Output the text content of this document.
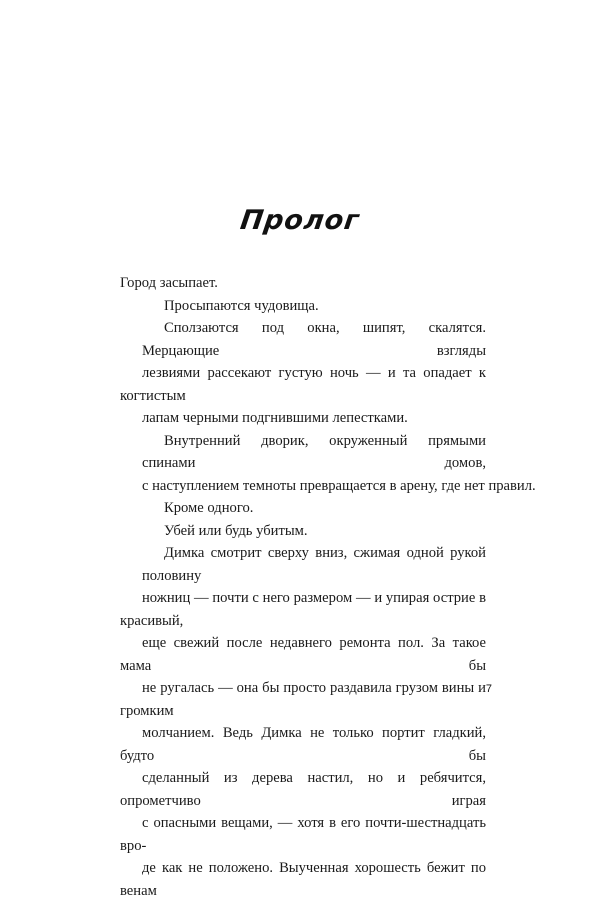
Пролог
Город засыпает.
Просыпаются чудовища.
Сползаются под окна, шипят, скалятся. Мерцающие взгляды
лезвиями рассекают густую ночь — и та опадает к когтистым
лапам черными подгнившими лепестками.
Внутренний дворик, окруженный прямыми спинами домов,
с наступлением темноты превращается в арену, где нет правил.
Кроме одного.
Убей или будь убитым.
Димка смотрит сверху вниз, сжимая одной рукой половину
ножниц — почти с него размером — и упирая острие в красивый,
еще свежий после недавнего ремонта пол. За такое мама бы
не ругалась — она бы просто раздавила грузом вины и громким
молчанием. Ведь Димка не только портит гладкий, будто бы
сделанный из дерева настил, но и ребячится, опрометчиво играя
с опасными вещами, — хотя в его почти-шестнадцать вро-
де как не положено. Выученная хорошесть бежит по венам
7
